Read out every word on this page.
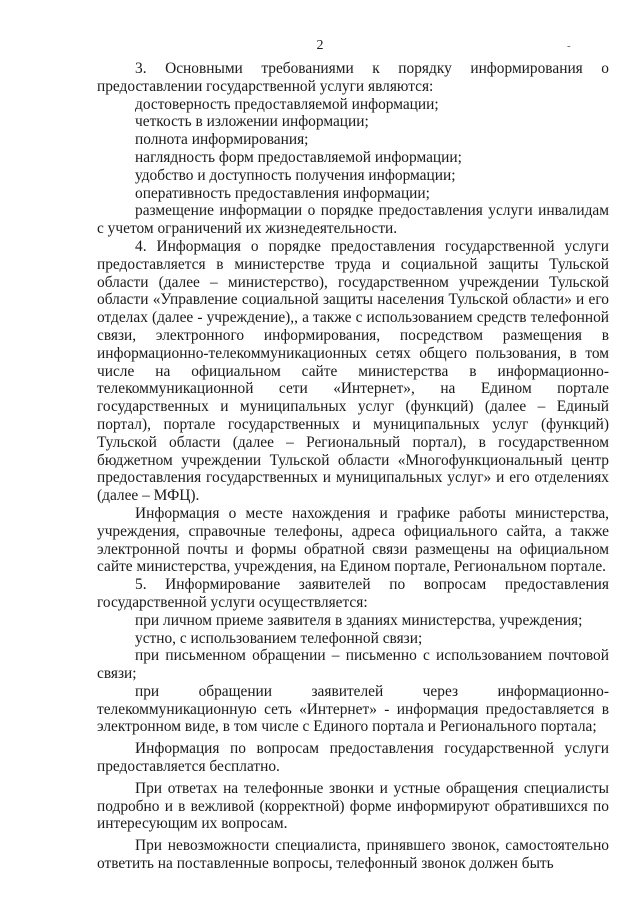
2	-

3. Основными требованиями к порядку информирования о предоставлении государственной услуги являются:

достоверность предоставляемой информации;

четкость в изложении информации;

полнота информирования;

наглядность форм предоставляемой информации;

удобство и доступность получения информации;

оперативность предоставления информации;

размещение информации о порядке предоставления услуги инвалидам с учетом ограничений их жизнедеятельности.

4. Информация о порядке предоставления государственной услуги предоставляется в министерстве труда и социальной защиты Тульской области (далее – министерство), государственном учреждении Тульской области «Управление социальной защиты населения Тульской области» и его отделах (далее - учреждение),, а также с использованием средств телефонной связи, электронного информирования, посредством размещения в информационно-телекоммуникационных сетях общего пользования, в том числе на официальном сайте министерства в информационно-телекоммуникационной сети «Интернет», на Едином портале государственных и муниципальных услуг (функций) (далее – Единый портал), портале государственных и муниципальных услуг (функций) Тульской области (далее – Региональный портал), в государственном бюджетном учреждении Тульской области «Многофункциональный центр предоставления государственных и муниципальных услуг» и его отделениях (далее – МФЦ).

Информация о месте нахождения и графике работы министерства, учреждения, справочные телефоны, адреса официального сайта, а также электронной почты и формы обратной связи размещены на официальном сайте министерства, учреждения, на Едином портале, Региональном портале.

5. Информирование заявителей по вопросам предоставления государственной услуги осуществляется:

при личном приеме заявителя в зданиях министерства, учреждения;

устно, с использованием телефонной связи;

при письменном обращении – письменно с использованием почтовой связи;

при обращении заявителей через информационно-телекоммуникационную сеть «Интернет» - информация предоставляется в электронном виде, в том числе с Единого портала и Регионального портала;

Информация по вопросам предоставления государственной услуги предоставляется бесплатно.

При ответах на телефонные звонки и устные обращения специалисты подробно и в вежливой (корректной) форме информируют обратившихся по интересующим их вопросам.

При невозможности специалиста, принявшего звонок, самостоятельно ответить на поставленные вопросы, телефонный звонок должен быть
